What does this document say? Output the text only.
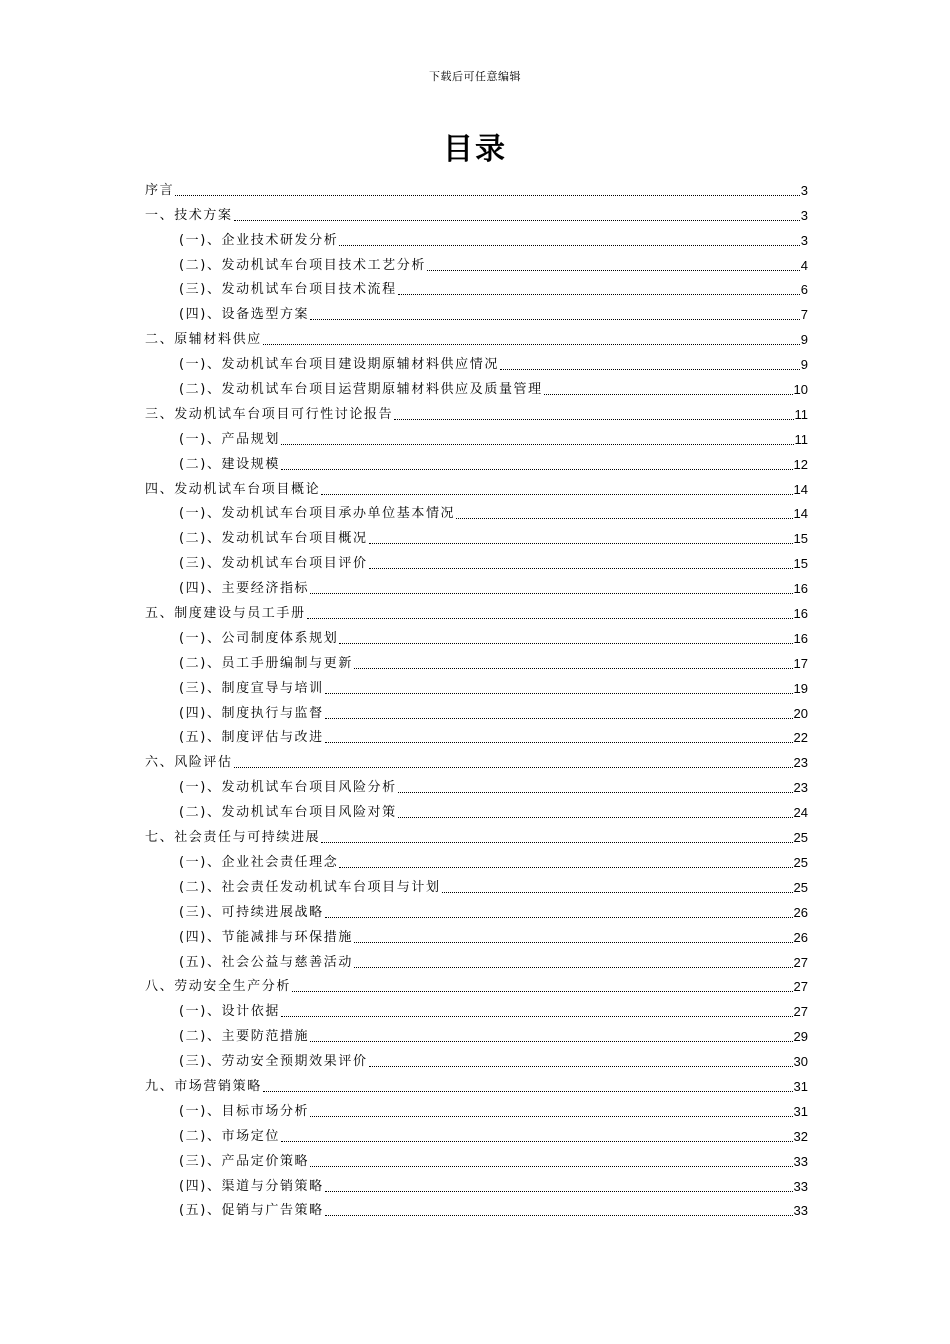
下载后可任意编辑
目录
序言	3
一、技术方案	3
(一)、企业技术研发分析	3
(二)、发动机试车台项目技术工艺分析	4
(三)、发动机试车台项目技术流程	6
(四)、设备选型方案	7
二、原辅材料供应	9
(一)、发动机试车台项目建设期原辅材料供应情况	9
(二)、发动机试车台项目运营期原辅材料供应及质量管理	10
三、发动机试车台项目可行性讨论报告	11
(一)、产品规划	11
(二)、建设规模	12
四、发动机试车台项目概论	14
(一)、发动机试车台项目承办单位基本情况	14
(二)、发动机试车台项目概况	15
(三)、发动机试车台项目评价	15
(四)、主要经济指标	16
五、制度建设与员工手册	16
(一)、公司制度体系规划	16
(二)、员工手册编制与更新	17
(三)、制度宣导与培训	19
(四)、制度执行与监督	20
(五)、制度评估与改进	22
六、风险评估	23
(一)、发动机试车台项目风险分析	23
(二)、发动机试车台项目风险对策	24
七、社会责任与可持续进展	25
(一)、企业社会责任理念	25
(二)、社会责任发动机试车台项目与计划	25
(三)、可持续进展战略	26
(四)、节能减排与环保措施	26
(五)、社会公益与慈善活动	27
八、劳动安全生产分析	27
(一)、设计依据	27
(二)、主要防范措施	29
(三)、劳动安全预期效果评价	30
九、市场营销策略	31
(一)、目标市场分析	31
(二)、市场定位	32
(三)、产品定价策略	33
(四)、渠道与分销策略	33
(五)、促销与广告策略	33
